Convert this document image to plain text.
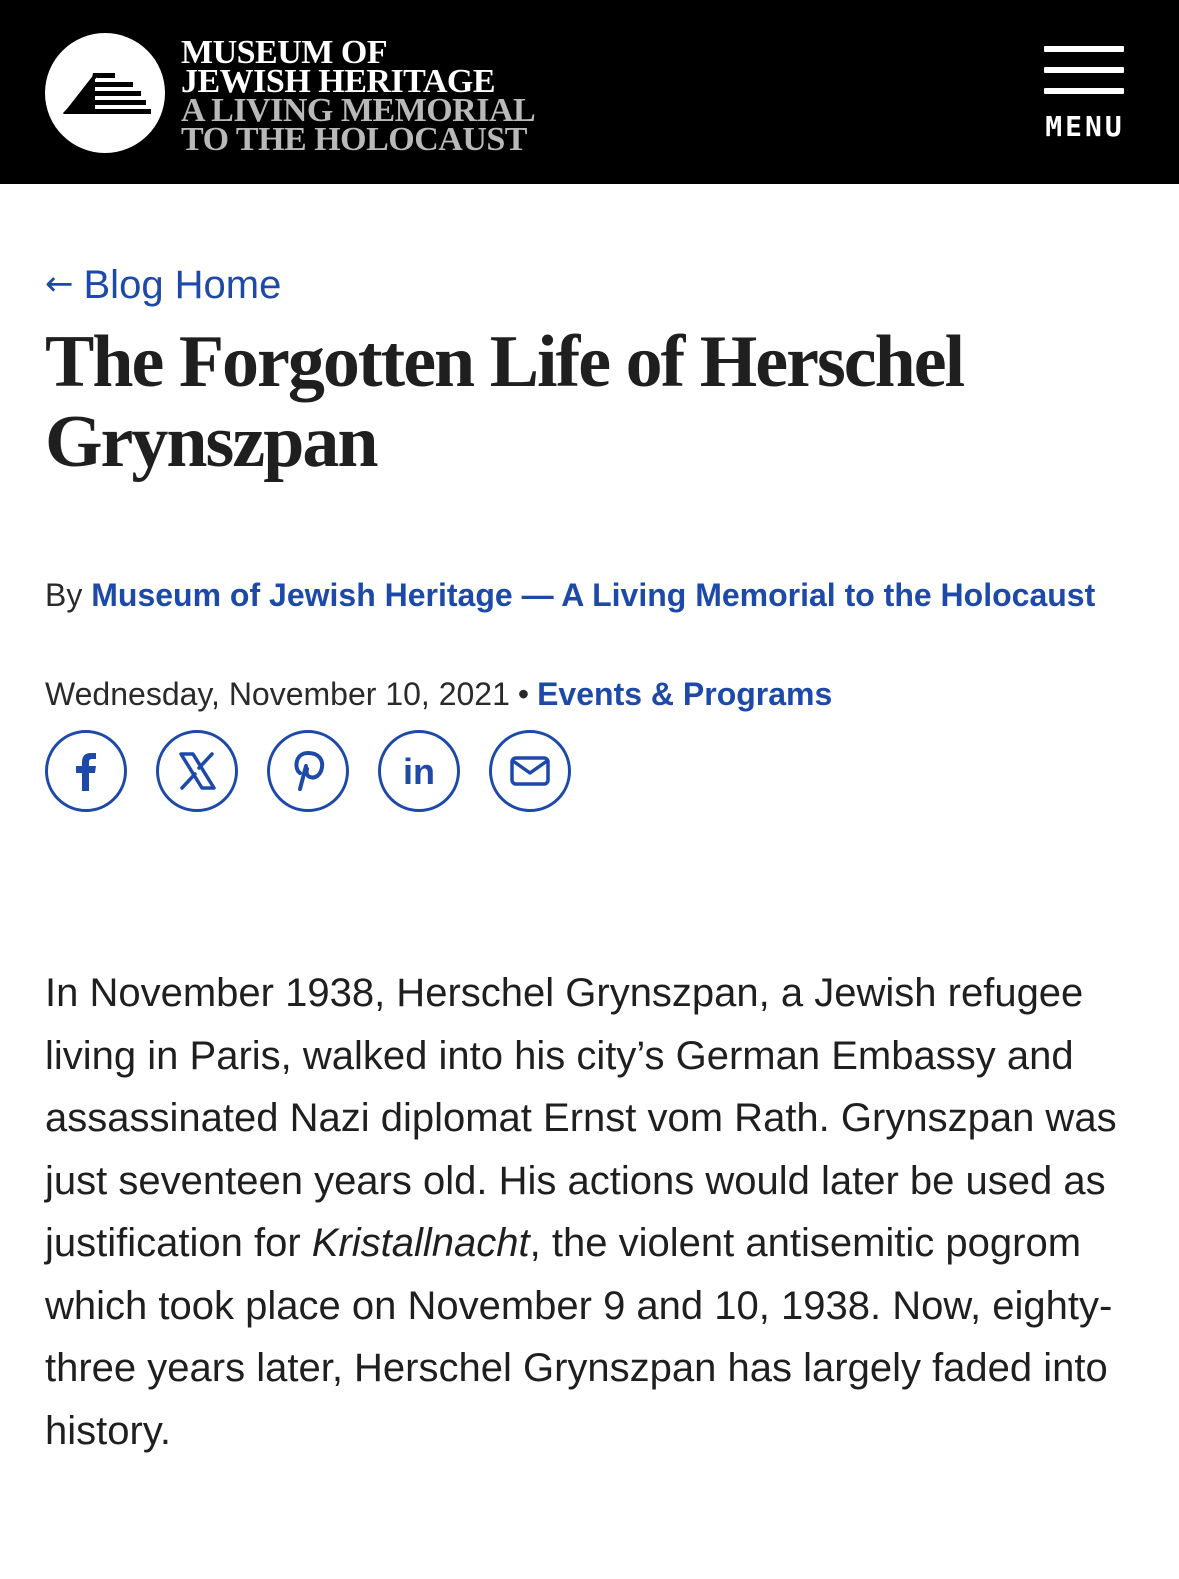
MUSEUM OF
JEWISH HERITAGE
A LIVING MEMORIAL
TO THE HOLOCAUST	MENU
← Blog Home
The Forgotten Life of Herschel Grynszpan
By Museum of Jewish Heritage — A Living Memorial to the Holocaust
Wednesday, November 10, 2021 • Events & Programs
in

In November 1938, Herschel Grynszpan, a Jewish refugee living in Paris, walked into his city’s German Embassy and assassinated Nazi diplomat Ernst vom Rath. Grynszpan was just seventeen years old. His actions would later be used as justification for Kristallnacht, the violent antisemitic pogrom which took place on November 9 and 10, 1938. Now, eighty-three years later, Herschel Grynszpan has largely faded into history.
